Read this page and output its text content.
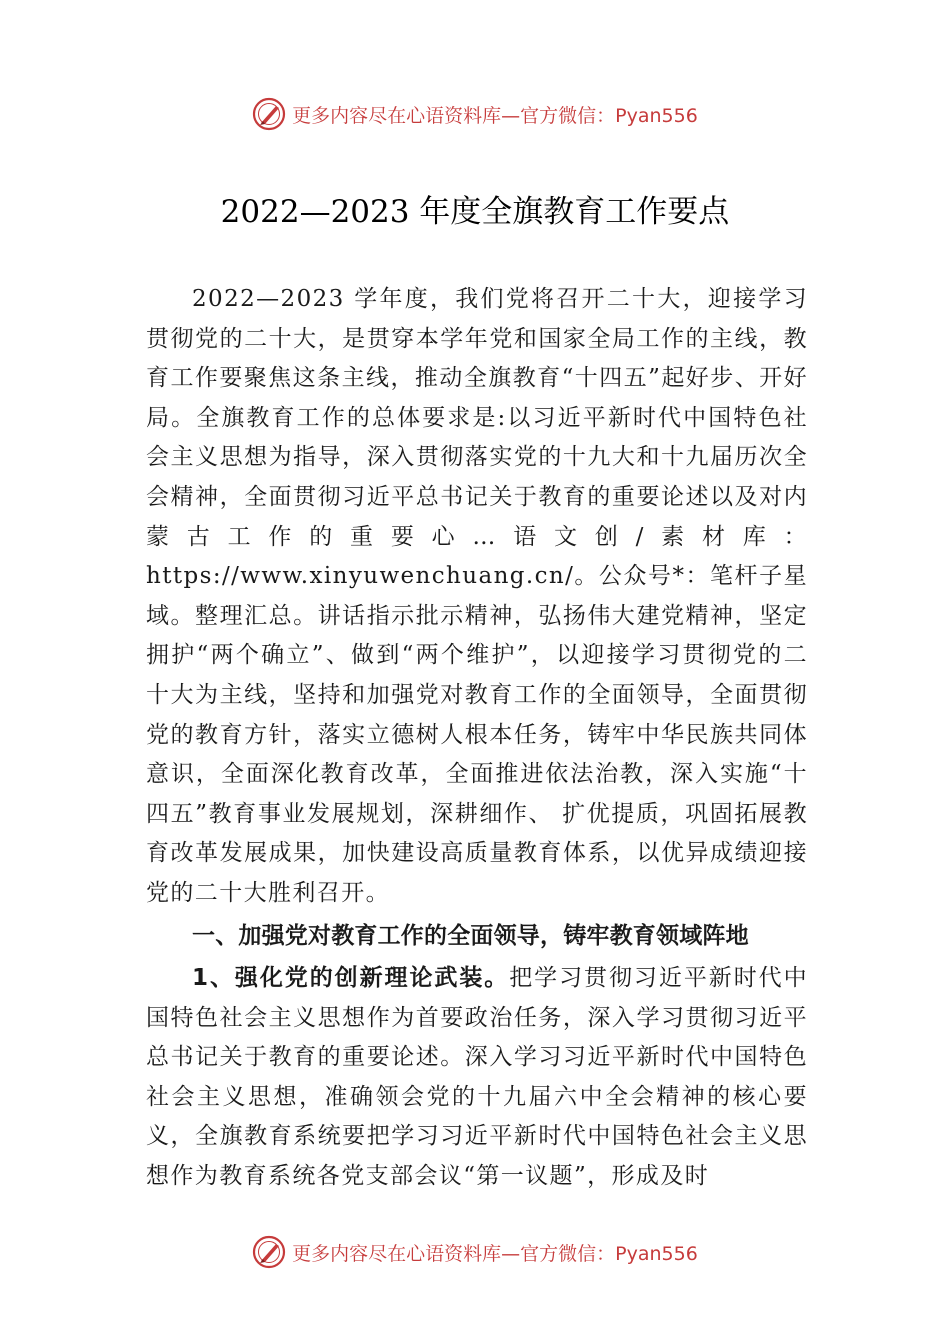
更多内容尽在心语资料库—官方微信：Pyan556
2022—2023 年度全旗教育工作要点

2022—2023 学年度，我们党将召开二十大，迎接学习贯彻党的二十大，是贯穿本学年党和国家全局工作的主线，教育工作要聚焦这条主线，推动全旗教育“十四五”起好步、开好局。全旗教育工作的总体要求是:以习近平新时代中国特色社会主义思想为指导，深入贯彻落实党的十九大和十九届历次全会精神，全面贯彻习近平总书记关于教育的重要论述以及对内蒙古工作的重要心…语文创/素材库：https://www.xinyuwenchuang.cn/。公众号*：笔杆子星域。整理汇总。讲话指示批示精神，弘扬伟大建党精神，坚定拥护“两个确立”、做到“两个维护”，以迎接学习贯彻党的二十大为主线，坚持和加强党对教育工作的全面领导，全面贯彻党的教育方针，落实立德树人根本任务，铸牢中华民族共同体意识，全面深化教育改革，全面推进依法治教，深入实施“十四五”教育事业发展规划，深耕细作、 扩优提质，巩固拓展教育改革发展成果，加快建设高质量教育体系，以优异成绩迎接党的二十大胜利召开。

一、加强党对教育工作的全面领导，铸牢教育领域阵地

1、强化党的创新理论武装。把学习贯彻习近平新时代中国特色社会主义思想作为首要政治任务，深入学习贯彻习近平总书记关于教育的重要论述。深入学习习近平新时代中国特色社会主义思想，准确领会党的十九届六中全会精神的核心要义，全旗教育系统要把学习习近平新时代中国特色社会主义思想作为教育系统各党支部会议“第一议题”，形成及时

更多内容尽在心语资料库—官方微信：Pyan556
